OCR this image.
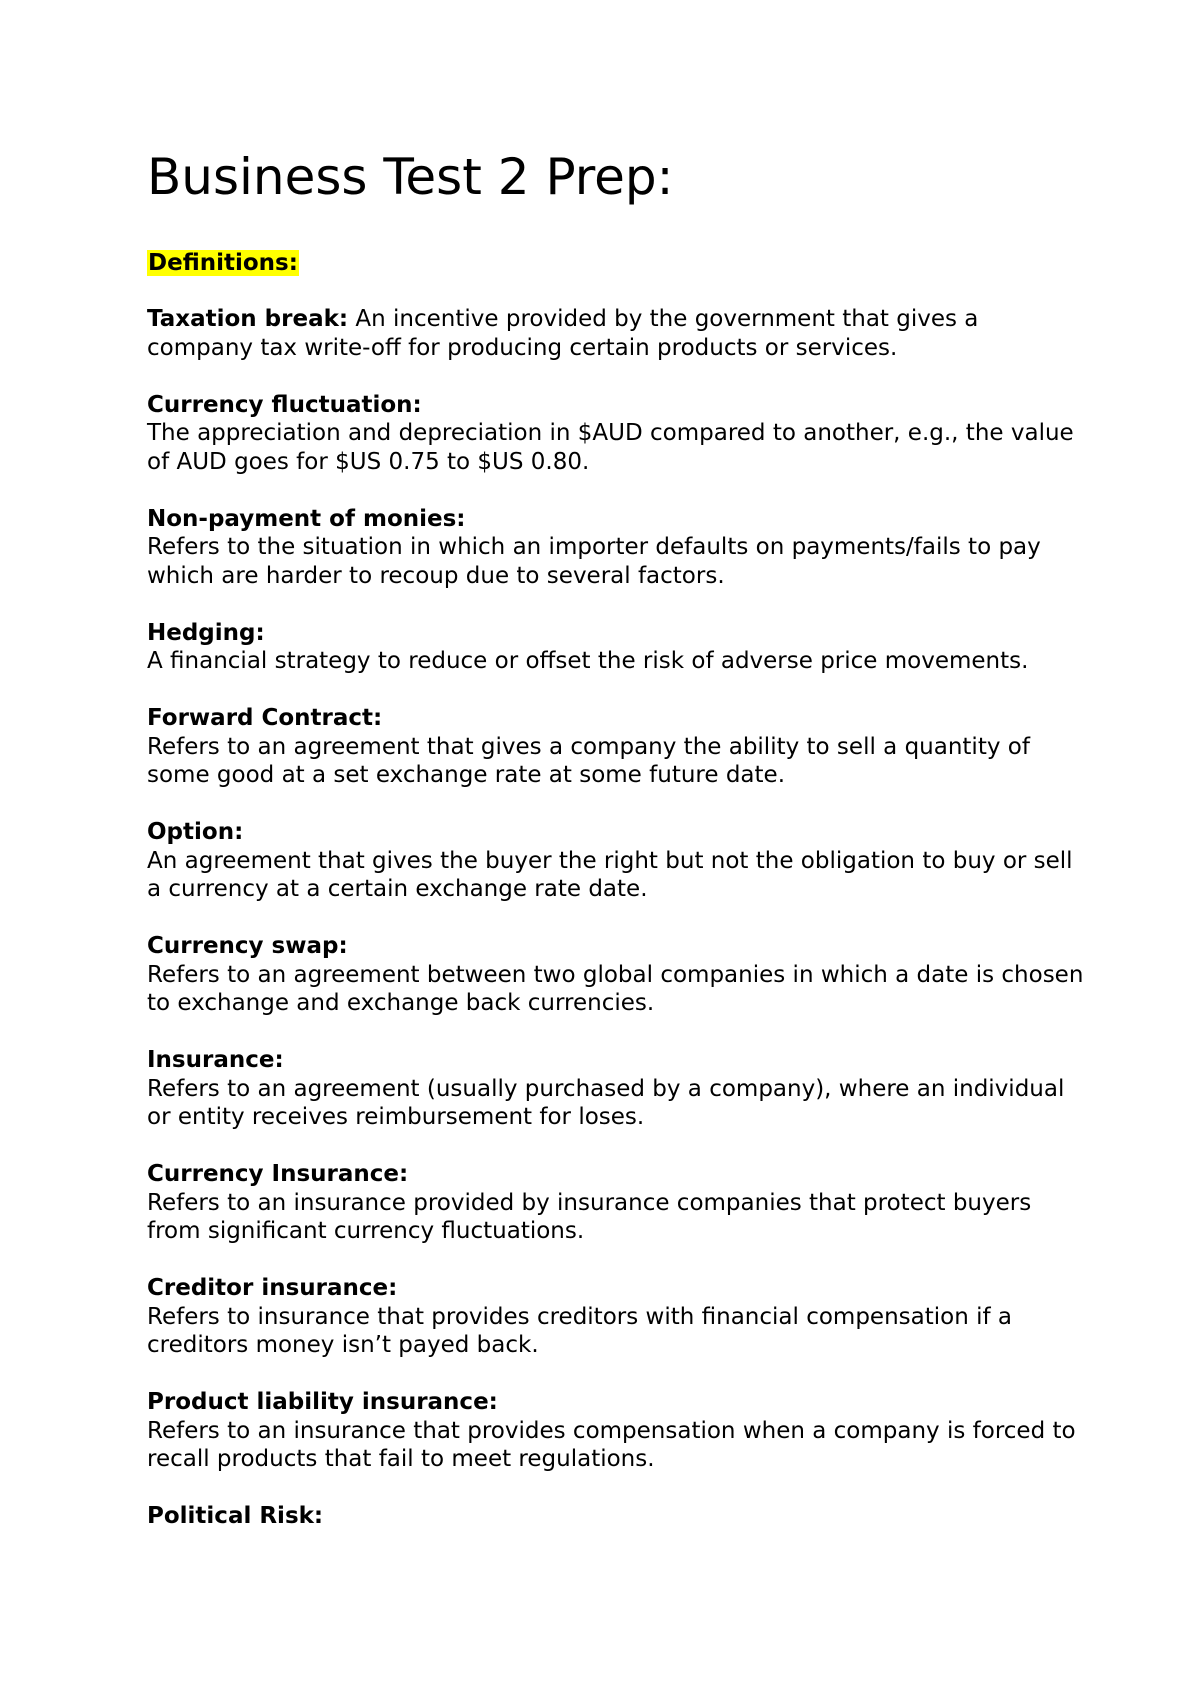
Business Test 2 Prep:
Definitions:

Taxation break: An incentive provided by the government that gives a company tax write-off for producing certain products or services.

Currency fluctuation:
The appreciation and depreciation in $AUD compared to another, e.g., the value of AUD goes for $US 0.75 to $US 0.80.

Non-payment of monies:
Refers to the situation in which an importer defaults on payments/fails to pay which are harder to recoup due to several factors.

Hedging:
A financial strategy to reduce or offset the risk of adverse price movements.

Forward Contract:
Refers to an agreement that gives a company the ability to sell a quantity of some good at a set exchange rate at some future date.

Option:
An agreement that gives the buyer the right but not the obligation to buy or sell a currency at a certain exchange rate date.

Currency swap:
Refers to an agreement between two global companies in which a date is chosen to exchange and exchange back currencies.

Insurance:
Refers to an agreement (usually purchased by a company), where an individual or entity receives reimbursement for loses.

Currency Insurance:
Refers to an insurance provided by insurance companies that protect buyers from significant currency fluctuations.

Creditor insurance:
Refers to insurance that provides creditors with financial compensation if a creditors money isn’t payed back.

Product liability insurance:
Refers to an insurance that provides compensation when a company is forced to recall products that fail to meet regulations.

Political Risk:
